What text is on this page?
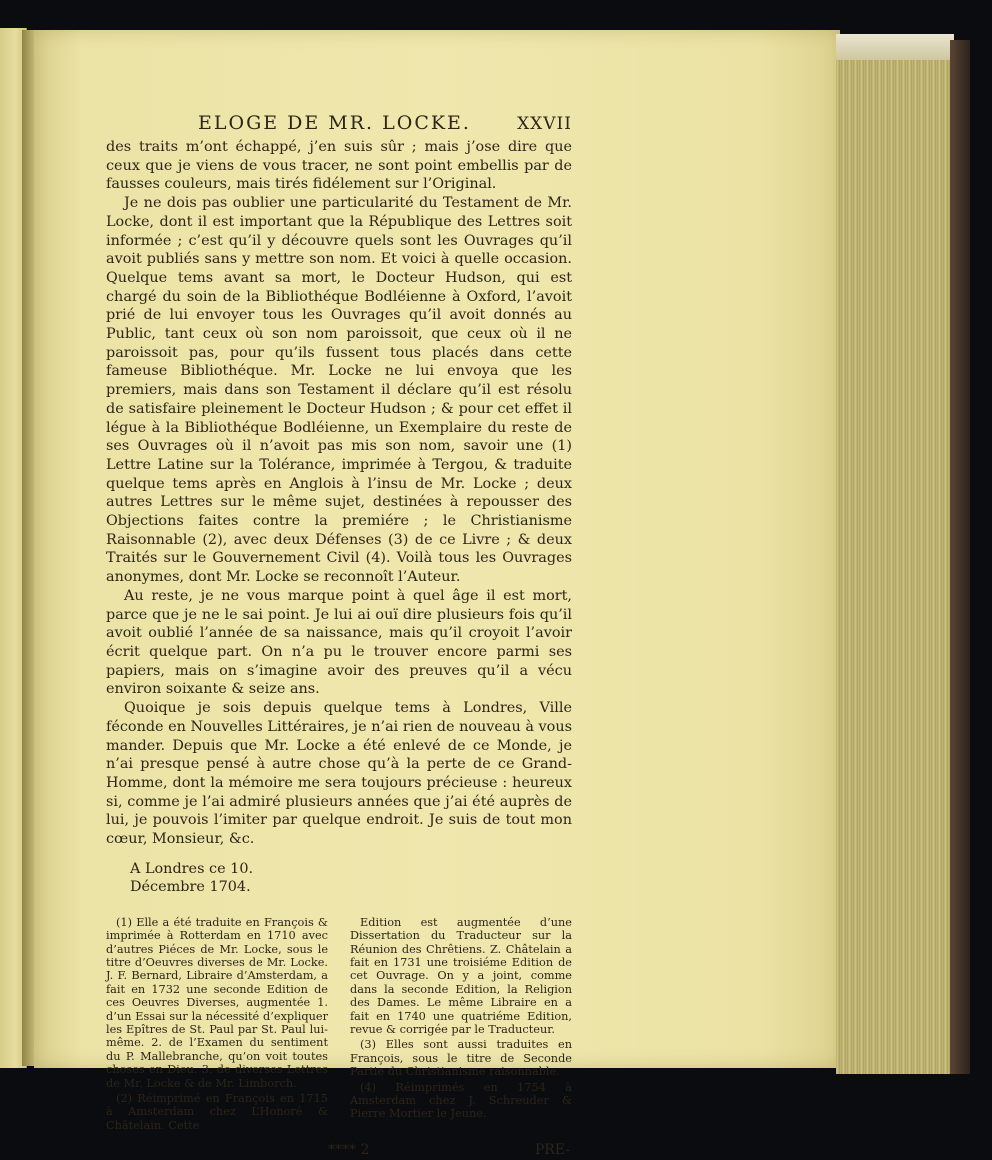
ELOGE DE MR. LOCKE.	XXVII

des traits m’ont échappé, j’en suis sûr ; mais j’ose dire que ceux que je viens de vous tracer, ne sont point embellis par de fausses couleurs, mais tirés fidélement sur l’Original.

Je ne dois pas oublier une particularité du Testament de Mr. Locke, dont il est important que la République des Lettres soit informée ; c’est qu’il y découvre quels sont les Ouvrages qu’il avoit publiés sans y mettre son nom. Et voici à quelle occasion. Quelque tems avant sa mort, le Docteur Hudson, qui est chargé du soin de la Bibliothéque Bodléienne à Oxford, l’avoit prié de lui envoyer tous les Ouvrages qu’il avoit donnés au Public, tant ceux où son nom paroissoit, que ceux où il ne paroissoit pas, pour qu’ils fussent tous placés dans cette fameuse Bibliothéque. Mr. Locke ne lui envoya que les premiers, mais dans son Testament il déclare qu’il est résolu de satisfaire pleinement le Docteur Hudson ; & pour cet effet il légue à la Bibliothéque Bodléienne, un Exemplaire du reste de ses Ouvrages où il n’avoit pas mis son nom, savoir une (1) Lettre Latine sur la Tolérance, imprimée à Tergou, & traduite quelque tems après en Anglois à l’insu de Mr. Locke ; deux autres Lettres sur le même sujet, destinées à repousser des Objections faites contre la premiére ; le Christianisme Raisonnable (2), avec deux Défenses (3) de ce Livre ; & deux Traités sur le Gouvernement Civil (4). Voilà tous les Ouvrages anonymes, dont Mr. Locke se reconnoît l’Auteur.

Au reste, je ne vous marque point à quel âge il est mort, parce que je ne le sai point. Je lui ai ouï dire plusieurs fois qu’il avoit oublié l’année de sa naissance, mais qu’il croyoit l’avoir écrit quelque part. On n’a pu le trouver encore parmi ses papiers, mais on s’imagine avoir des preuves qu’il a vécu environ soixante & seize ans.

Quoique je sois depuis quelque tems à Londres, Ville féconde en Nouvelles Littéraires, je n’ai rien de nouveau à vous mander. Depuis que Mr. Locke a été enlevé de ce Monde, je n’ai presque pensé à autre chose qu’à la perte de ce Grand-Homme, dont la mémoire me sera toujours précieuse : heureux si, comme je l’ai admiré plusieurs années que j’ai été auprès de lui, je pouvois l’imiter par quelque endroit. Je suis de tout mon cœur, Monsieur, &c.

A Londres ce 10.
Décembre 1704.

(1) Elle a été traduite en François & imprimée à Rotterdam en 1710 avec d’autres Piéces de Mr. Locke, sous le titre d’Oeuvres diverses de Mr. Locke. J. F. Bernard, Libraire d’Amsterdam, a fait en 1732 une seconde Edition de ces Oeuvres Diverses, augmentée 1. d’un Essai sur la nécessité d’expliquer les Epîtres de St. Paul par St. Paul lui-même. 2. de l’Examen du sentiment du P. Mallebranche, qu’on voit toutes choses en Dieu. 3. de diverses Lettres de Mr. Locke & de Mr. Limborch.

(2) Réimprimé en François en 1715 à Amsterdam chez L’Honoré & Châtelain. Cette

Edition est augmentée d’une Dissertation du Traducteur sur la Réunion des Chrêtiens. Z. Châtelain a fait en 1731 une troisiéme Edition de cet Ouvrage. On y a joint, comme dans la seconde Edition, la Religion des Dames. Le même Libraire en a fait en 1740 une quatriéme Edition, revue & corrigée par le Traducteur.

(3) Elles sont aussi traduites en François, sous le titre de Seconde Partie du Christianisme raisonnable.

(4) Réimprimés en 1754 à Amsterdam chez J. Schreuder & Pierre Mortier le Jeune.

**** 2	PRE-
